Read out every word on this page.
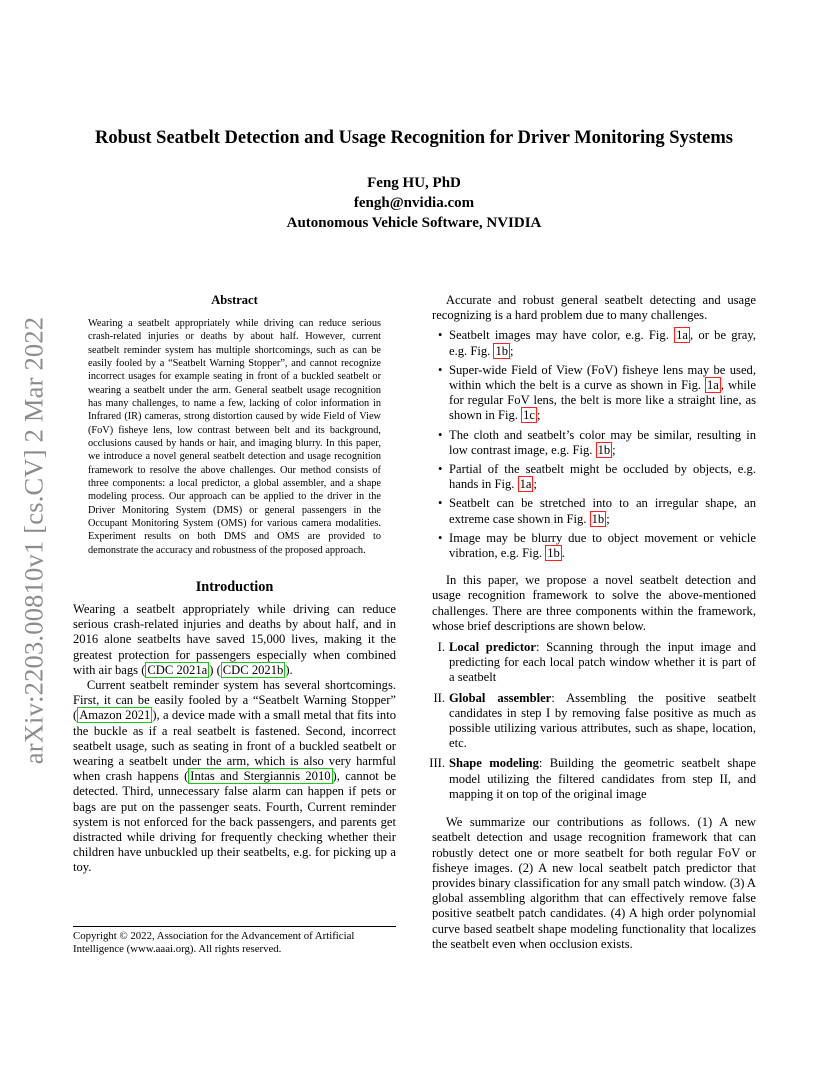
arXiv:2203.00810v1 [cs.CV] 2 Mar 2022
Robust Seatbelt Detection and Usage Recognition for Driver Monitoring Systems
Feng HU, PhD
fengh@nvidia.com
Autonomous Vehicle Software, NVIDIA
Abstract

Wearing a seatbelt appropriately while driving can reduce serious crash-related injuries or deaths by about half. However, current seatbelt reminder system has multiple shortcomings, such as can be easily fooled by a “Seatbelt Warning Stopper”, and cannot recognize incorrect usages for example seating in front of a buckled seatbelt or wearing a seatbelt under the arm. General seatbelt usage recognition has many challenges, to name a few, lacking of color information in Infrared (IR) cameras, strong distortion caused by wide Field of View (FoV) fisheye lens, low contrast between belt and its background, occlusions caused by hands or hair, and imaging blurry. In this paper, we introduce a novel general seatbelt detection and usage recognition framework to resolve the above challenges. Our method consists of three components: a local predictor, a global assembler, and a shape modeling process. Our approach can be applied to the driver in the Driver Monitoring System (DMS) or general passengers in the Occupant Monitoring System (OMS) for various camera modalities. Experiment results on both DMS and OMS are provided to demonstrate the accuracy and robustness of the proposed approach.

Introduction

Wearing a seatbelt appropriately while driving can reduce serious crash-related injuries and deaths by about half, and in 2016 alone seatbelts have saved 15,000 lives, making it the greatest protection for passengers especially when combined with air bags ( CDC 2021a ) ( CDC 2021b ).

Current seatbelt reminder system has several shortcomings. First, it can be easily fooled by a “Seatbelt Warning Stopper” ( Amazon 2021 ), a device made with a small metal that fits into the buckle as if a real seatbelt is fastened. Second, incorrect seatbelt usage, such as seating in front of a buckled seatbelt or wearing a seatbelt under the arm, which is also very harmful when crash happens ( Intas and Stergiannis 2010 ), cannot be detected. Third, unnecessary false alarm can happen if pets or bags are put on the passenger seats. Fourth, Current reminder system is not enforced for the back passengers, and parents get distracted while driving for frequently checking whether their children have unbuckled up their seatbelts, e.g. for picking up a toy.

Copyright © 2022, Association for the Advancement of Artificial Intelligence (www.aaai.org). All rights reserved.

Accurate and robust general seatbelt detecting and usage recognizing is a hard problem due to many challenges.

• Seatbelt images may have color, e.g. Fig. 1a , or be gray, e.g. Fig. 1b ;
• Super-wide Field of View (FoV) fisheye lens may be used, within which the belt is a curve as shown in Fig. 1a , while for regular FoV lens, the belt is more like a straight line, as shown in Fig. 1c ;
• The cloth and seatbelt’s color may be similar, resulting in low contrast image, e.g. Fig. 1b ;
• Partial of the seatbelt might be occluded by objects, e.g. hands in Fig. 1a ;
• Seatbelt can be stretched into to an irregular shape, an extreme case shown in Fig. 1b ;
• Image may be blurry due to object movement or vehicle vibration, e.g. Fig. 1b .

In this paper, we propose a novel seatbelt detection and usage recognition framework to solve the above-mentioned challenges. There are three components within the framework, whose brief descriptions are shown below.

I. Local predictor: Scanning through the input image and predicting for each local patch window whether it is part of a seatbelt
II. Global assembler: Assembling the positive seatbelt candidates in step I by removing false positive as much as possible utilizing various attributes, such as shape, location, etc.
III. Shape modeling: Building the geometric seatbelt shape model utilizing the filtered candidates from step II, and mapping it on top of the original image

We summarize our contributions as follows. (1) A new seatbelt detection and usage recognition framework that can robustly detect one or more seatbelt for both regular FoV or fisheye images. (2) A new local seatbelt patch predictor that provides binary classification for any small patch window. (3) A global assembling algorithm that can effectively remove false positive seatbelt patch candidates. (4) A high order polynomial curve based seatbelt shape modeling functionality that localizes the seatbelt even when occlusion exists.
